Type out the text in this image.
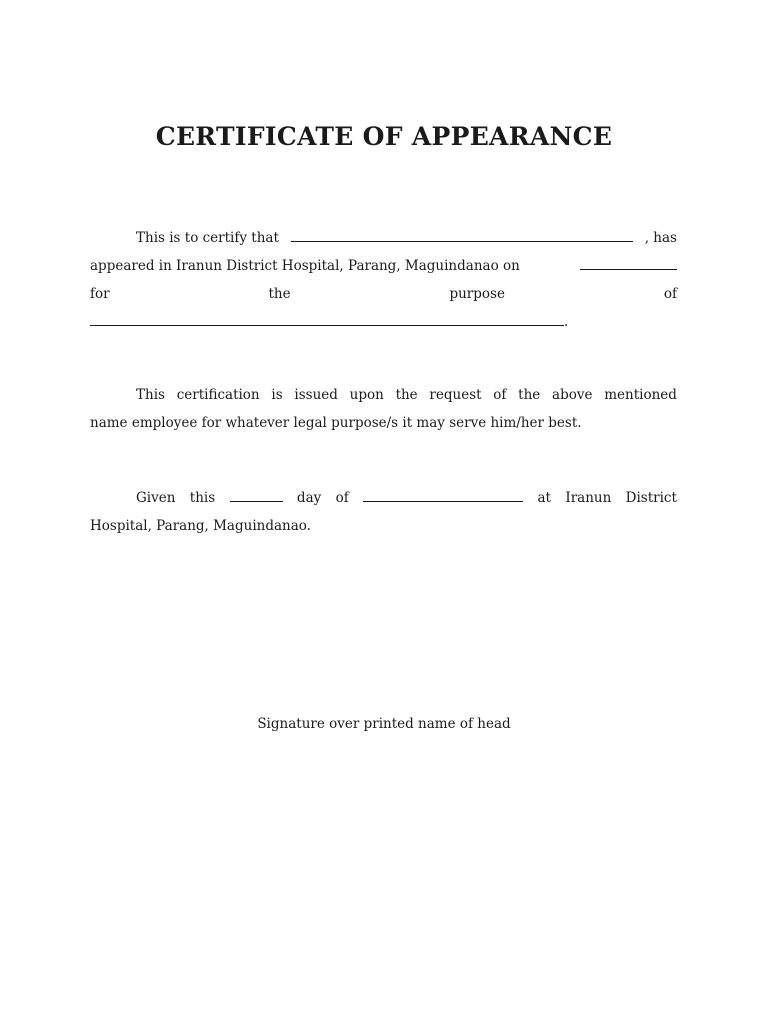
CERTIFICATE OF APPEARANCE
This is to certify that	, has
appeared in Iranun District Hospital, Parang, Maguindanao on
for	the	purpose	of
.
This certification is issued upon the request of the above mentioned
name employee for whatever legal purpose/s it may serve him/her best.
Given this	day of	at Iranun District
Hospital, Parang, Maguindanao.

Signature over printed name of head
